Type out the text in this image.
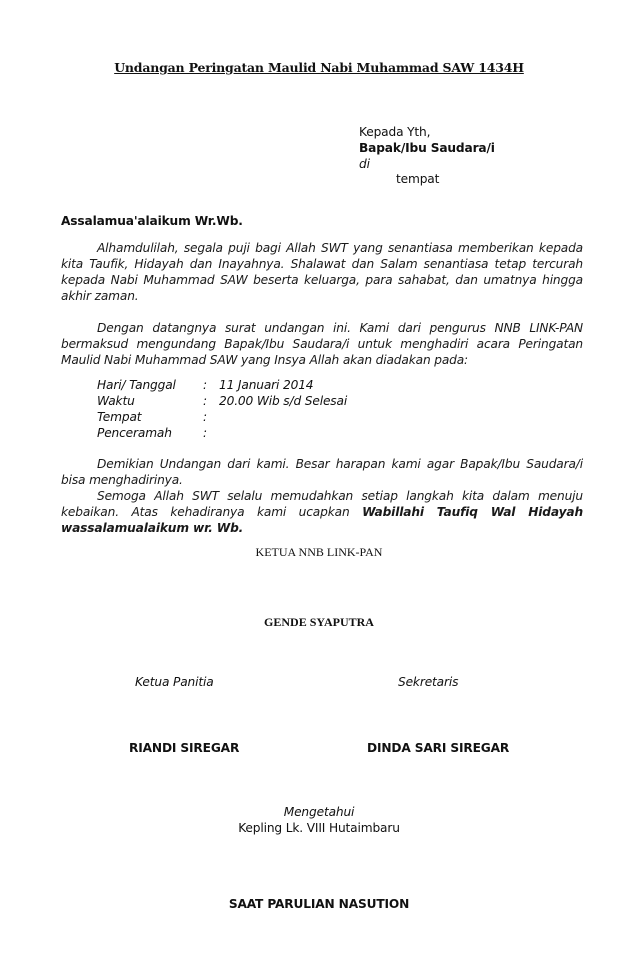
Undangan Peringatan Maulid Nabi Muhammad SAW 1434H
Kepada Yth,
Bapak/Ibu Saudara/i
di
tempat
Assalamua'alaikum Wr.Wb.
Alhamdulilah, segala puji bagi Allah SWT yang senantiasa memberikan kepada kita Taufik, Hidayah dan Inayahnya. Shalawat dan Salam senantiasa tetap tercurah kepada Nabi Muhammad SAW beserta keluarga, para sahabat, dan umatnya hingga akhir zaman.
Dengan datangnya surat undangan ini. Kami dari pengurus NNB LINK-PAN bermaksud mengundang Bapak/Ibu Saudara/i untuk menghadiri acara Peringatan Maulid Nabi Muhammad SAW yang Insya Allah akan diadakan pada:
Hari/ Tanggal : 11 Januari 2014
Waktu	: 20.00 Wib s/d Selesai
Tempat	:
Penceramah	:
Demikian Undangan dari kami. Besar harapan kami agar Bapak/Ibu Saudara/i bisa menghadirinya.
Semoga Allah SWT selalu memudahkan setiap langkah kita dalam menuju kebaikan. Atas kehadiranya kami ucapkan Wabillahi Taufiq Wal Hidayah wassalamualaikum wr. Wb.
KETUA NNB LINK-PAN
GENDE SYAPUTRA
Ketua Panitia	Sekretaris
RIANDI SIREGAR	DINDA SARI SIREGAR
Mengetahui
Kepling Lk. VIII Hutaimbaru
SAAT PARULIAN NASUTION
